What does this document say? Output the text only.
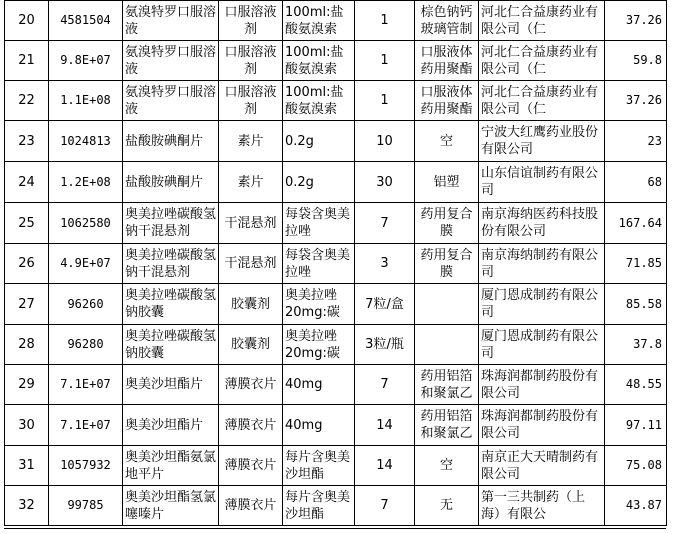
20	4581504	氨溴特罗口服溶液	口服溶液剂	100ml:盐酸氨溴索	1	棕色钠钙玻璃管制	河北仁合益康药业有限公司（仁	37.26

21	9.8E+07	氨溴特罗口服溶液	口服溶液剂	100ml:盐酸氨溴索	1	口服液体药用聚酯	河北仁合益康药业有限公司（仁	59.8

22	1.1E+08	氨溴特罗口服溶液	口服溶液剂	100ml:盐酸氨溴索	1	口服液体药用聚酯	河北仁合益康药业有限公司（仁	37.26

23	1024813	盐酸胺碘酮片	素片	0.2g	10	空	宁波大红鹰药业股份有限公司	23

24	1.2E+08	盐酸胺碘酮片	素片	0.2g	30	铝塑	山东信谊制药有限公司	68

25	1062580	奥美拉唑碳酸氢钠干混悬剂	干混悬剂	每袋含奥美拉唑	7	药用复合膜	南京海纳医药科技股份有限公司	167.64

26	4.9E+07	奥美拉唑碳酸氢钠干混悬剂	干混悬剂	每袋含奥美拉唑	3	药用复合膜	南京海纳制药有限公司	71.85

27	96260	奥美拉唑碳酸氢钠胶囊	胶囊剂	奥美拉唑20mg:碳	7粒/盒		厦门恩成制药有限公司	85.58

28	96280	奥美拉唑碳酸氢钠胶囊	胶囊剂	奥美拉唑20mg:碳	3粒/瓶		厦门恩成制药有限公司	37.8

29	7.1E+07	奥美沙坦酯片	薄膜衣片	40mg	7	药用铝箔和聚氯乙	珠海润都制药股份有限公司	48.55

30	7.1E+07	奥美沙坦酯片	薄膜衣片	40mg	14	药用铝箔和聚氯乙	珠海润都制药股份有限公司	97.11

31	1057932	奥美沙坦酯氨氯地平片	薄膜衣片	每片含奥美沙坦酯	14	空	南京正大天晴制药有限公司	75.08

32	99785	奥美沙坦酯氢氯噻嗪片	薄膜衣片	每片含奥美沙坦酯	7	无	第一三共制药（上海）有限公	43.87
